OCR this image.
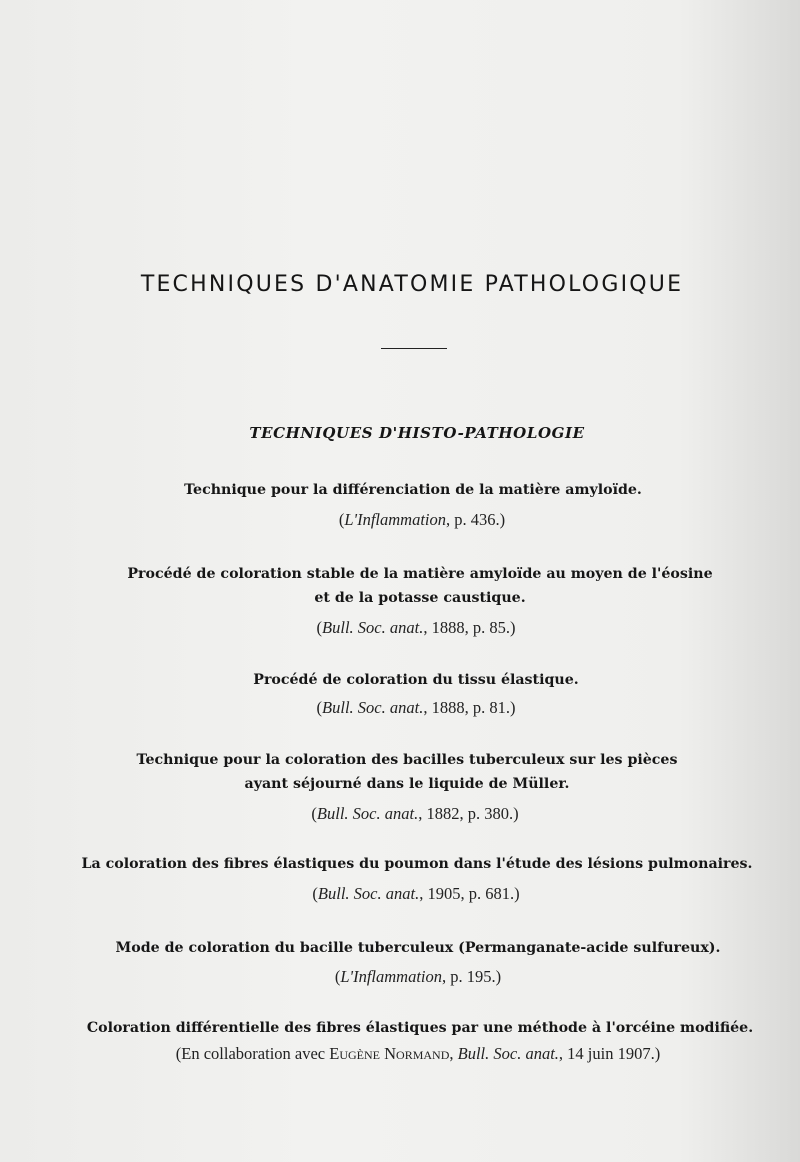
TECHNIQUES D'ANATOMIE PATHOLOGIQUE
TECHNIQUES D'HISTO-PATHOLOGIE
Technique pour la différenciation de la matière amyloïde.
(L'Inflammation, p. 436.)
Procédé de coloration stable de la matière amyloïde au moyen de l'éosine
et de la potasse caustique.
(Bull. Soc. anat., 1888, p. 85.)
Procédé de coloration du tissu élastique.
(Bull. Soc. anat., 1888, p. 81.)
Technique pour la coloration des bacilles tuberculeux sur les pièces
ayant séjourné dans le liquide de Müller.
(Bull. Soc. anat., 1882, p. 380.)
La coloration des fibres élastiques du poumon dans l'étude des lésions pulmonaires.
(Bull. Soc. anat., 1905, p. 681.)
Mode de coloration du bacille tuberculeux (Permanganate-acide sulfureux).
(L'Inflammation, p. 195.)
Coloration différentielle des fibres élastiques par une méthode à l'orcéine modifiée.
(En collaboration avec Eugène Normand, Bull. Soc. anat., 14 juin 1907.)
